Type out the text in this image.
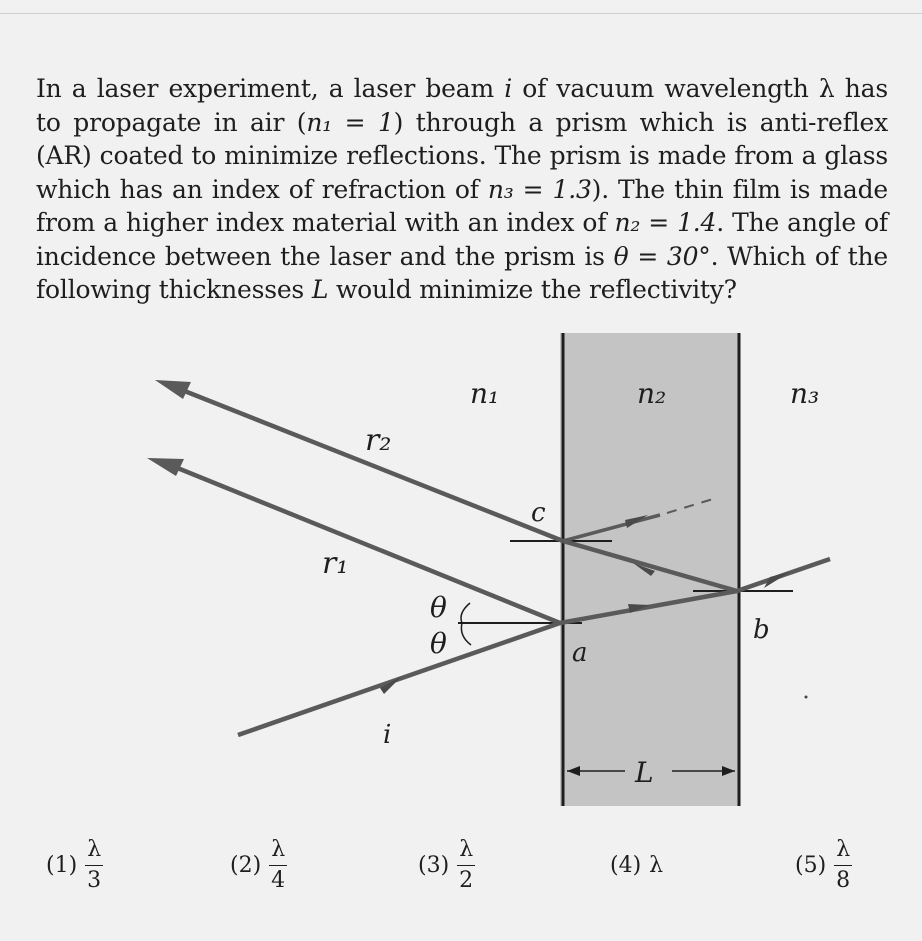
In a laser experiment, a laser beam i of vacuum wavelength λ has to propagate in air (n₁ = 1) through a prism which is anti-reflex (AR) coated to minimize reflections. The prism is made from a glass which has an index of refraction of n₃ = 1.3). The thin film is made from a higher index material with an index of n₂ = 1.4. The angle of incidence between the laser and the prism is θ = 30°. Which of the following thicknesses L would minimize the reflectivity?
n₁	n₂	n₃
r₂
r₁
c
a
b
i
θ
θ
L
$(1) \frac{\lambda}{3}$	$(2) \frac{\lambda}{4}$	$(3) \frac{\lambda}{2}$	(4) λ	$(5) \frac{\lambda}{8}$
